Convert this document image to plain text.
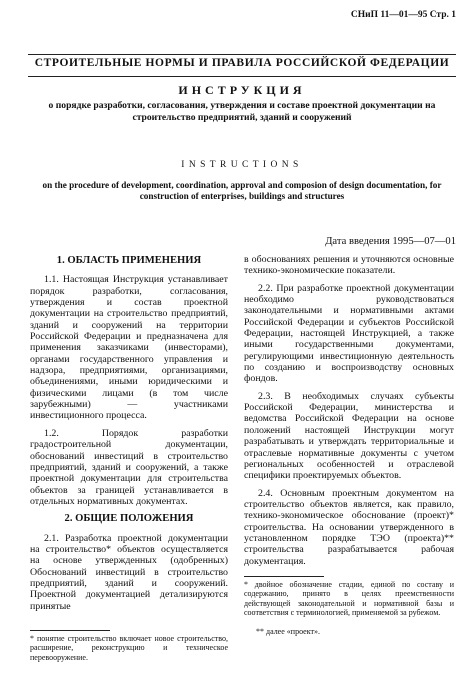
СНиП 11—01—95 Стр. 1
СТРОИТЕЛЬНЫЕ НОРМЫ И ПРАВИЛА РОССИЙСКОЙ ФЕДЕРАЦИИ
ИНСТРУКЦИЯ
о порядке разработки, согласования, утверждения и составе проектной документации на строительство предприятий, зданий и сооружений
INSTRUCTIONS
on the procedure of development, coordination, approval and composion of design documentation, for construction of enterprises, buildings and structures
Дата введения 1995—07—01

1. ОБЛАСТЬ ПРИМЕНЕНИЯ

1.1. Настоящая Инструкция устанавливает порядок разработки, согласования, утверждения и состав проектной документации на строительство предприятий, зданий и сооружений на территории Российской Федерации и предназначена для применения заказчиками (инвесторами), органами государственного управления и надзора, предприятиями, организациями, объединениями, иными юридическими и физическими лицами (в том числе зарубежными) — участниками инвестиционного процесса.

1.2. Порядок разработки градостроительной документации, обоснований инвестиций в строительство предприятий, зданий и сооружений, а также проектной документации для строительства объектов за границей устанавливается в отдельных нормативных документах.

2. ОБЩИЕ ПОЛОЖЕНИЯ

2.1. Разработка проектной документации на строительство* объектов осуществляется на основе утвержденных (одобренных) Обоснований инвестиций в строительство предприятий, зданий и сооружений. Проектной документацией детализируются принятые

* понятие строительство включает новое строительство, расширение, реконструкцию и техническое перевооружение.

в обоснованиях решения и уточняются основные технико-экономические показатели.

2.2. При разработке проектной документации необходимо руководствоваться законодательными и нормативными актами Российской Федерации и субъектов Российской Федерации, настоящей Инструкцией, а также иными государственными документами, регулирующими инвестиционную деятельность по созданию и воспроизводству основных фондов.

2.3. В необходимых случаях субъекты Российской Федерации, министерства и ведомства Российской Федерации на основе положений настоящей Инструкции могут разрабатывать и утверждать территориальные и отраслевые нормативные документы с учетом региональных особенностей и отраслевой специфики проектируемых объектов.

2.4. Основным проектным документом на строительство объектов является, как правило, технико-экономическое обоснование (проект)* строительства. На основании утвержденного в установленном порядке ТЭО (проекта)** строительства разрабатывается рабочая документация.

* двойное обозначение стадии, единой по составу и содержанию, принято в целях преемственности действующей законодательной и нормативной базы и соответствия с терминологией, применяемой за рубежом.
** далее «проект».
